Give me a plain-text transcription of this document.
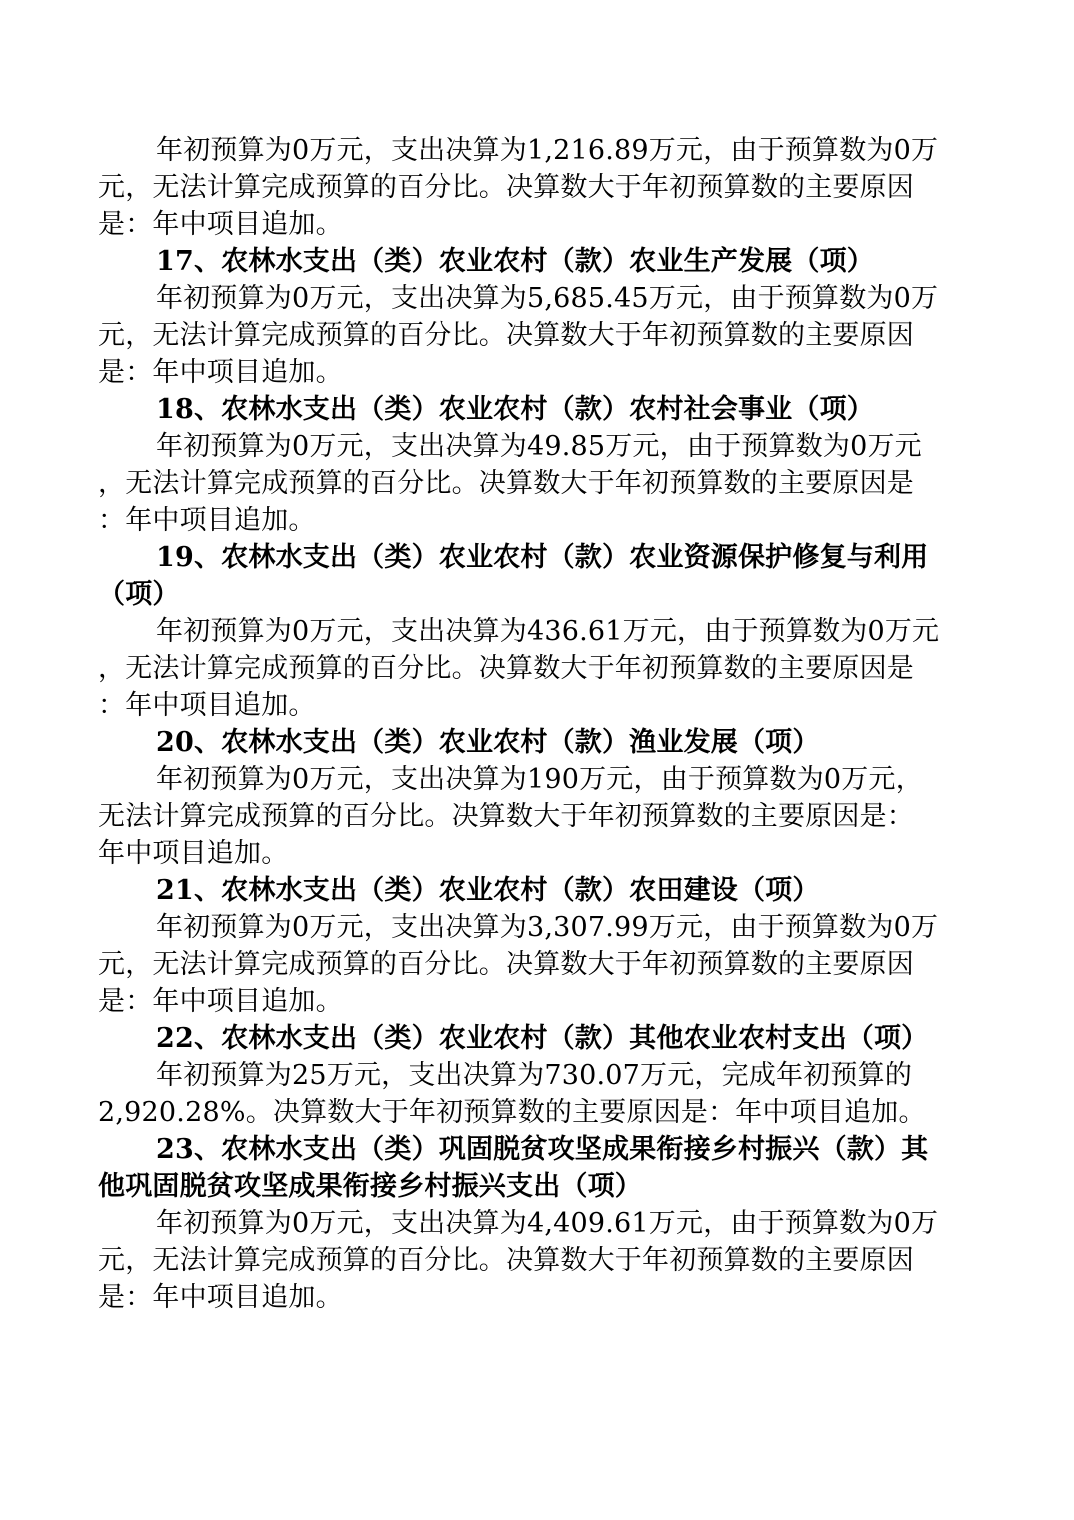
年初预算为0万元，支出决算为1,216.89万元，由于预算数为0万
元，无法计算完成预算的百分比。决算数大于年初预算数的主要原因
是：年中项目追加。
17、农林水支出（类）农业农村（款）农业生产发展（项）
年初预算为0万元，支出决算为5,685.45万元，由于预算数为0万
元，无法计算完成预算的百分比。决算数大于年初预算数的主要原因
是：年中项目追加。
18、农林水支出（类）农业农村（款）农村社会事业（项）
年初预算为0万元，支出决算为49.85万元，由于预算数为0万元
，无法计算完成预算的百分比。决算数大于年初预算数的主要原因是
：年中项目追加。
19、农林水支出（类）农业农村（款）农业资源保护修复与利用
（项）
年初预算为0万元，支出决算为436.61万元，由于预算数为0万元
，无法计算完成预算的百分比。决算数大于年初预算数的主要原因是
：年中项目追加。
20、农林水支出（类）农业农村（款）渔业发展（项）
年初预算为0万元，支出决算为190万元，由于预算数为0万元，
无法计算完成预算的百分比。决算数大于年初预算数的主要原因是：
年中项目追加。
21、农林水支出（类）农业农村（款）农田建设（项）
年初预算为0万元，支出决算为3,307.99万元，由于预算数为0万
元，无法计算完成预算的百分比。决算数大于年初预算数的主要原因
是：年中项目追加。
22、农林水支出（类）农业农村（款）其他农业农村支出（项）
年初预算为25万元，支出决算为730.07万元，完成年初预算的
2,920.28%。决算数大于年初预算数的主要原因是：年中项目追加。
23、农林水支出（类）巩固脱贫攻坚成果衔接乡村振兴（款）其
他巩固脱贫攻坚成果衔接乡村振兴支出（项）
年初预算为0万元，支出决算为4,409.61万元，由于预算数为0万
元，无法计算完成预算的百分比。决算数大于年初预算数的主要原因
是：年中项目追加。
